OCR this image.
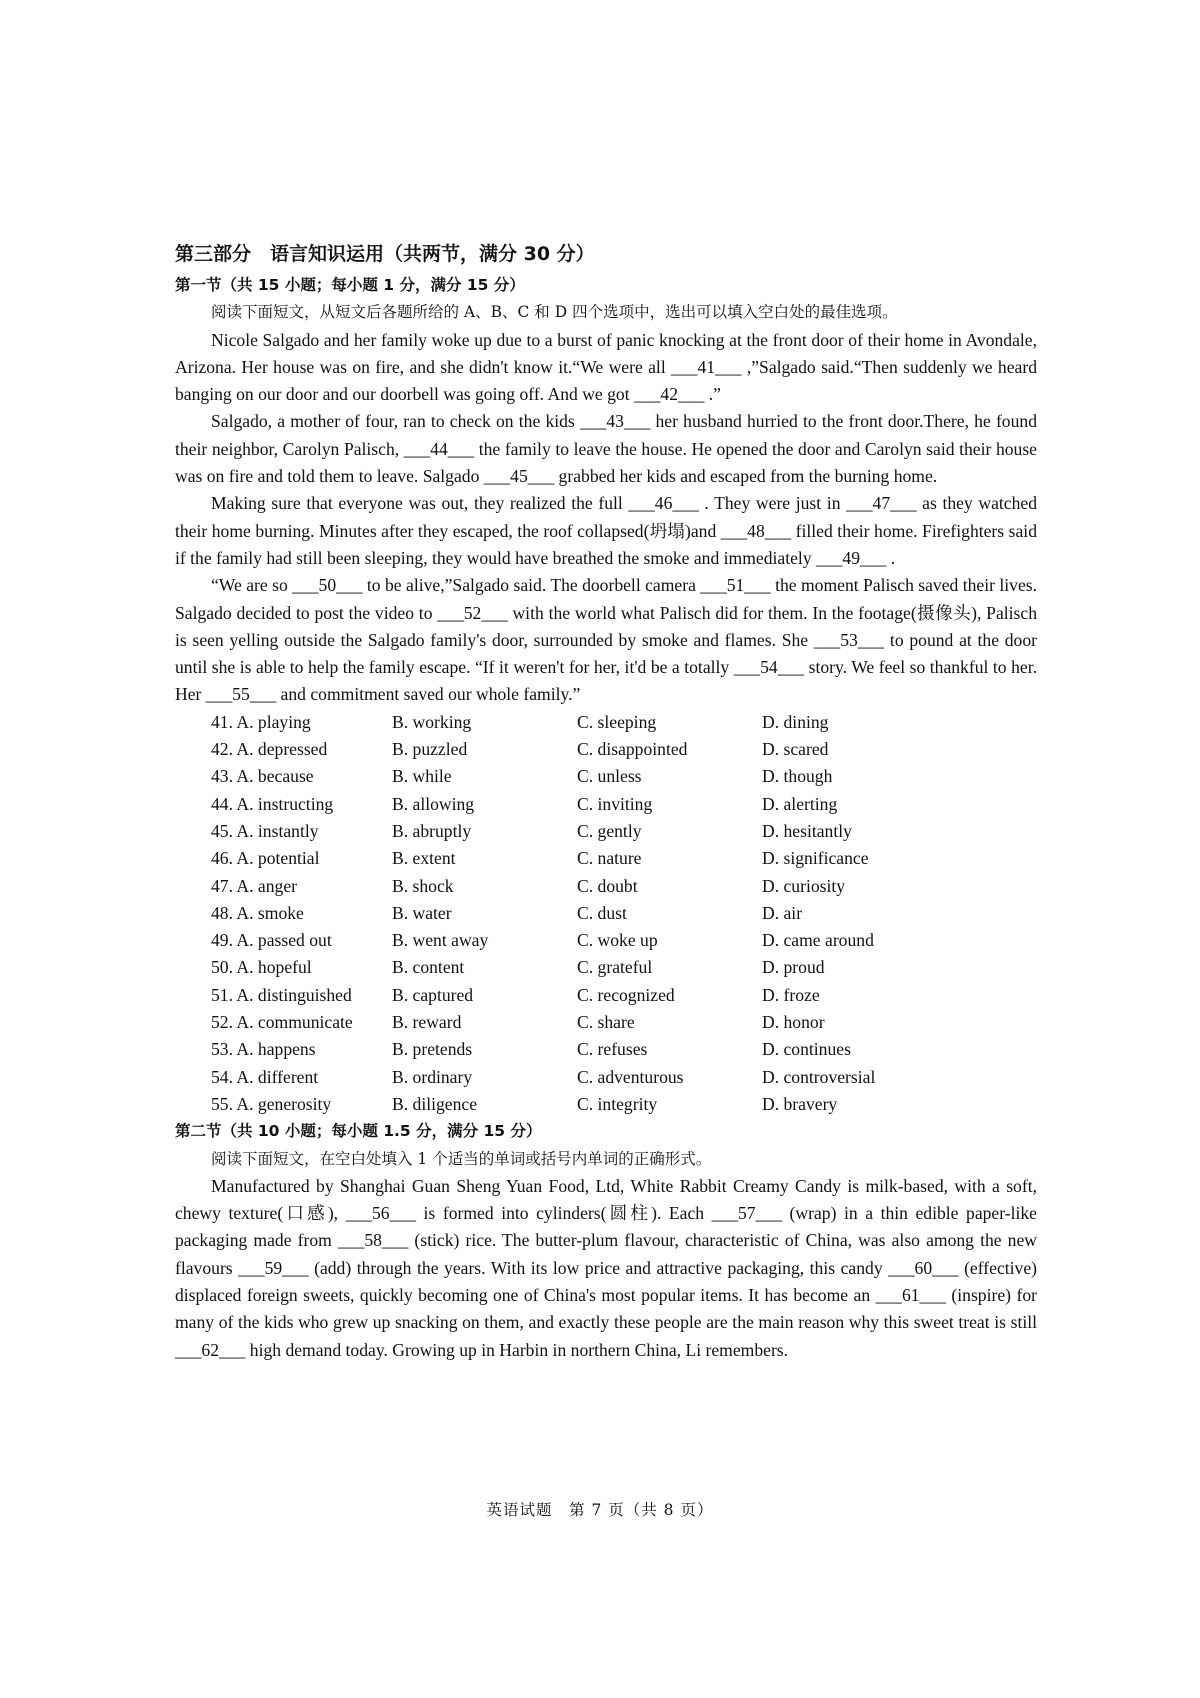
第三部分　语言知识运用（共两节，满分 30 分）
第一节（共 15 小题；每小题 1 分，满分 15 分）
阅读下面短文，从短文后各题所给的 A、B、C 和 D 四个选项中，选出可以填入空白处的最佳选项。

Nicole Salgado and her family woke up due to a burst of panic knocking at the front door of their home in Avondale, Arizona. Her house was on fire, and she didn't know it.“We were all ___41___ ,”Salgado said.“Then suddenly we heard banging on our door and our doorbell was going off. And we got ___42___ .”

Salgado, a mother of four, ran to check on the kids ___43___ her husband hurried to the front door.There, he found their neighbor, Carolyn Palisch, ___44___ the family to leave the house. He opened the door and Carolyn said their house was on fire and told them to leave. Salgado ___45___ grabbed her kids and escaped from the burning home.

Making sure that everyone was out, they realized the full ___46___ . They were just in ___47___ as they watched their home burning. Minutes after they escaped, the roof collapsed(坍塌)and ___48___ filled their home. Firefighters said if the family had still been sleeping, they would have breathed the smoke and immediately ___49___ .

“We are so ___50___ to be alive,”Salgado said. The doorbell camera ___51___ the moment Palisch saved their lives. Salgado decided to post the video to ___52___ with the world what Palisch did for them. In the footage(摄像头), Palisch is seen yelling outside the Salgado family's door, surrounded by smoke and flames. She ___53___ to pound at the door until she is able to help the family escape. “If it weren't for her, it'd be a totally ___54___ story. We feel so thankful to her. Her ___55___ and commitment saved our whole family.”

41. A. playing	B. working	C. sleeping	D. dining
42. A. depressed	B. puzzled	C. disappointed	D. scared
43. A. because	B. while	C. unless	D. though
44. A. instructing	B. allowing	C. inviting	D. alerting
45. A. instantly	B. abruptly	C. gently	D. hesitantly
46. A. potential	B. extent	C. nature	D. significance
47. A. anger	B. shock	C. doubt	D. curiosity
48. A. smoke	B. water	C. dust	D. air
49. A. passed out	B. went away	C. woke up	D. came around
50. A. hopeful	B. content	C. grateful	D. proud
51. A. distinguished	B. captured	C. recognized	D. froze
52. A. communicate	B. reward	C. share	D. honor
53. A. happens	B. pretends	C. refuses	D. continues
54. A. different	B. ordinary	C. adventurous	D. controversial
55. A. generosity	B. diligence	C. integrity	D. bravery
第二节（共 10 小题；每小题 1.5 分，满分 15 分）
阅读下面短文，在空白处填入 1 个适当的单词或括号内单词的正确形式。

Manufactured by Shanghai Guan Sheng Yuan Food, Ltd, White Rabbit Creamy Candy is milk-based, with a soft, chewy texture(口感), ___56___ is formed into cylinders(圆柱). Each ___57___ (wrap) in a thin edible paper-like packaging made from ___58___ (stick) rice. The butter-plum flavour, characteristic of China, was also among the new flavours ___59___ (add) through the years. With its low price and attractive packaging, this candy ___60___ (effective) displaced foreign sweets, quickly becoming one of China's most popular items. It has become an ___61___ (inspire) for many of the kids who grew up snacking on them, and exactly these people are the main reason why this sweet treat is still ___62___ high demand today. Growing up in Harbin in northern China, Li remembers.

英语试题　第 7 页（共 8 页）
